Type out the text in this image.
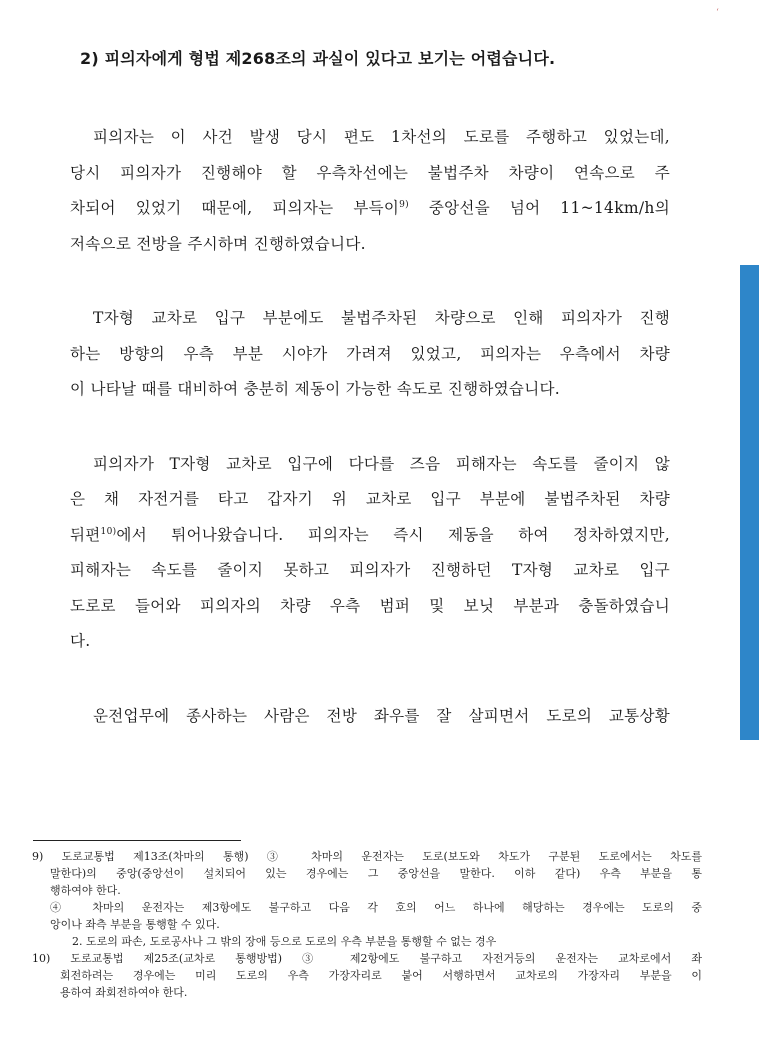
ʻ
2) 피의자에게 형법 제268조의 과실이 있다고 보기는 어렵습니다.
피의자는 이 사건 발생 당시 편도 1차선의 도로를 주행하고 있었는데,
당시 피의자가 진행해야 할 우측차선에는 불법주차 차량이 연속으로 주
차되어 있었기 때문에, 피의자는 부득이$^{9)}$ 중앙선을 넘어 11~14km/h의
저속으로 전방을 주시하며 진행하였습니다.
T자형 교차로 입구 부분에도 불법주차된 차량으로 인해 피의자가 진행
하는 방향의 우측 부분 시야가 가려져 있었고, 피의자는 우측에서 차량
이 나타날 때를 대비하여 충분히 제동이 가능한 속도로 진행하였습니다.
피의자가 T자형 교차로 입구에 다다를 즈음 피해자는 속도를 줄이지 않
은 채 자전거를 타고 갑자기 위 교차로 입구 부분에 불법주차된 차량
뒤편$^{10)}$에서 튀어나왔습니다. 피의자는 즉시 제동을 하여 정차하였지만,
피해자는 속도를 줄이지 못하고 피의자가 진행하던 T자형 교차로 입구
도로로 들어와 피의자의 차량 우측 범퍼 및 보닛 부분과 충돌하였습니
다.
운전업무에 종사하는 사람은 전방 좌우를 잘 살피면서 도로의 교통상황
9) 도로교통법 제13조(차마의 통행) ③ 차마의 운전자는 도로(보도와 차도가 구분된 도로에서는 차도를
말한다)의 중앙(중앙선이 설치되어 있는 경우에는 그 중앙선을 말한다. 이하 같다) 우측 부분을 통
행하여야 한다.
④ 차마의 운전자는 제3항에도 불구하고 다음 각 호의 어느 하나에 해당하는 경우에는 도로의 중
앙이나 좌측 부분을 통행할 수 있다.
2. 도로의 파손, 도로공사나 그 밖의 장애 등으로 도로의 우측 부분을 통행할 수 없는 경우
10) 도로교통법 제25조(교차로 통행방법) ③ 제2항에도 불구하고 자전거등의 운전자는 교차로에서 좌
회전하려는 경우에는 미리 도로의 우측 가장자리로 붙어 서행하면서 교차로의 가장자리 부분을 이
용하여 좌회전하여야 한다.
